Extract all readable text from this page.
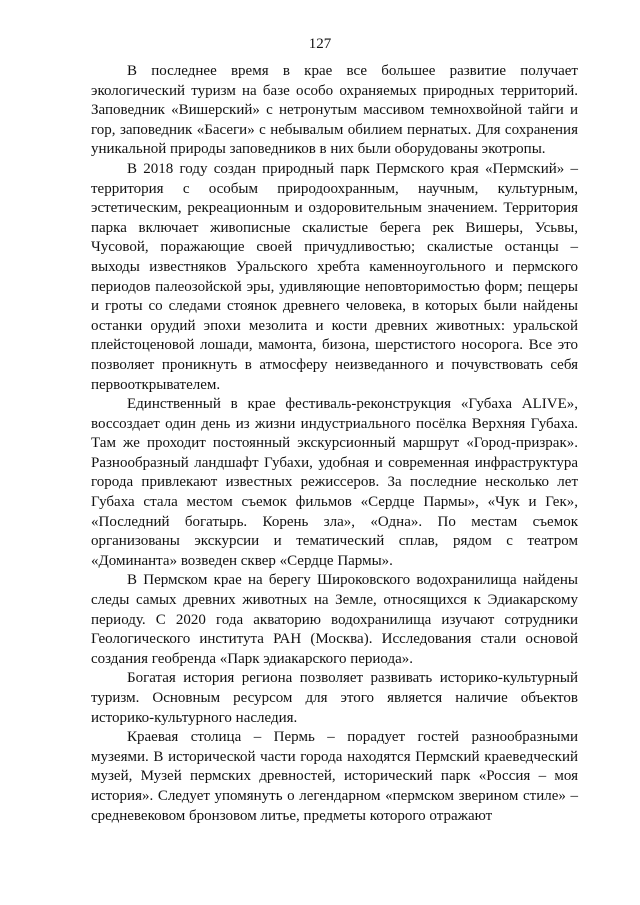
127

В последнее время в крае все большее развитие получает экологический туризм на базе особо охраняемых природных территорий. Заповедник «Вишерский» с нетронутым массивом темнохвойной тайги и гор, заповедник «Басеги» с небывалым обилием пернатых. Для сохранения уникальной природы заповедников в них были оборудованы экотропы.

В 2018 году создан природный парк Пермского края «Пермский» – территория с особым природоохранным, научным, культурным, эстетическим, рекреационным и оздоровительным значением. Территория парка включает живописные скалистые берега рек Вишеры, Усьвы, Чусовой, поражающие своей причудливостью; скалистые останцы – выходы известняков Уральского хребта каменноугольного и пермского периодов палеозойской эры, удивляющие неповторимостью форм; пещеры и гроты со следами стоянок древнего человека, в которых были найдены останки орудий эпохи мезолита и кости древних животных: уральской плейстоценовой лошади, мамонта, бизона, шерстистого носорога. Все это позволяет проникнуть в атмосферу неизведанного и почувствовать себя первооткрывателем.

Единственный в крае фестиваль-реконструкция «Губаха ALIVE», воссоздает один день из жизни индустриального посёлка Верхняя Губаха. Там же проходит постоянный экскурсионный маршрут «Город-призрак». Разнообразный ландшафт Губахи, удобная и современная инфраструктура города привлекают известных режиссеров. За последние несколько лет Губаха стала местом съемок фильмов «Сердце Пармы», «Чук и Гек», «Последний богатырь. Корень зла», «Одна». По местам съемок организованы экскурсии и тематический сплав, рядом с театром «Доминанта» возведен сквер «Сердце Пармы».

В Пермском крае на берегу Широковского водохранилища найдены следы самых древних животных на Земле, относящихся к Эдиакарскому периоду. С 2020 года акваторию водохранилища изучают сотрудники Геологического института РАН (Москва). Исследования стали основой создания геобренда «Парк эдиакарского периода».

Богатая история региона позволяет развивать историко-культурный туризм. Основным ресурсом для этого является наличие объектов историко-культурного наследия.

Краевая столица – Пермь – порадует гостей разнообразными музеями. В исторической части города находятся Пермский краеведческий музей, Музей пермских древностей, исторический парк «Россия – моя история». Следует упомянуть о легендарном «пермском зверином стиле» – средневековом бронзовом литье, предметы которого отражают
